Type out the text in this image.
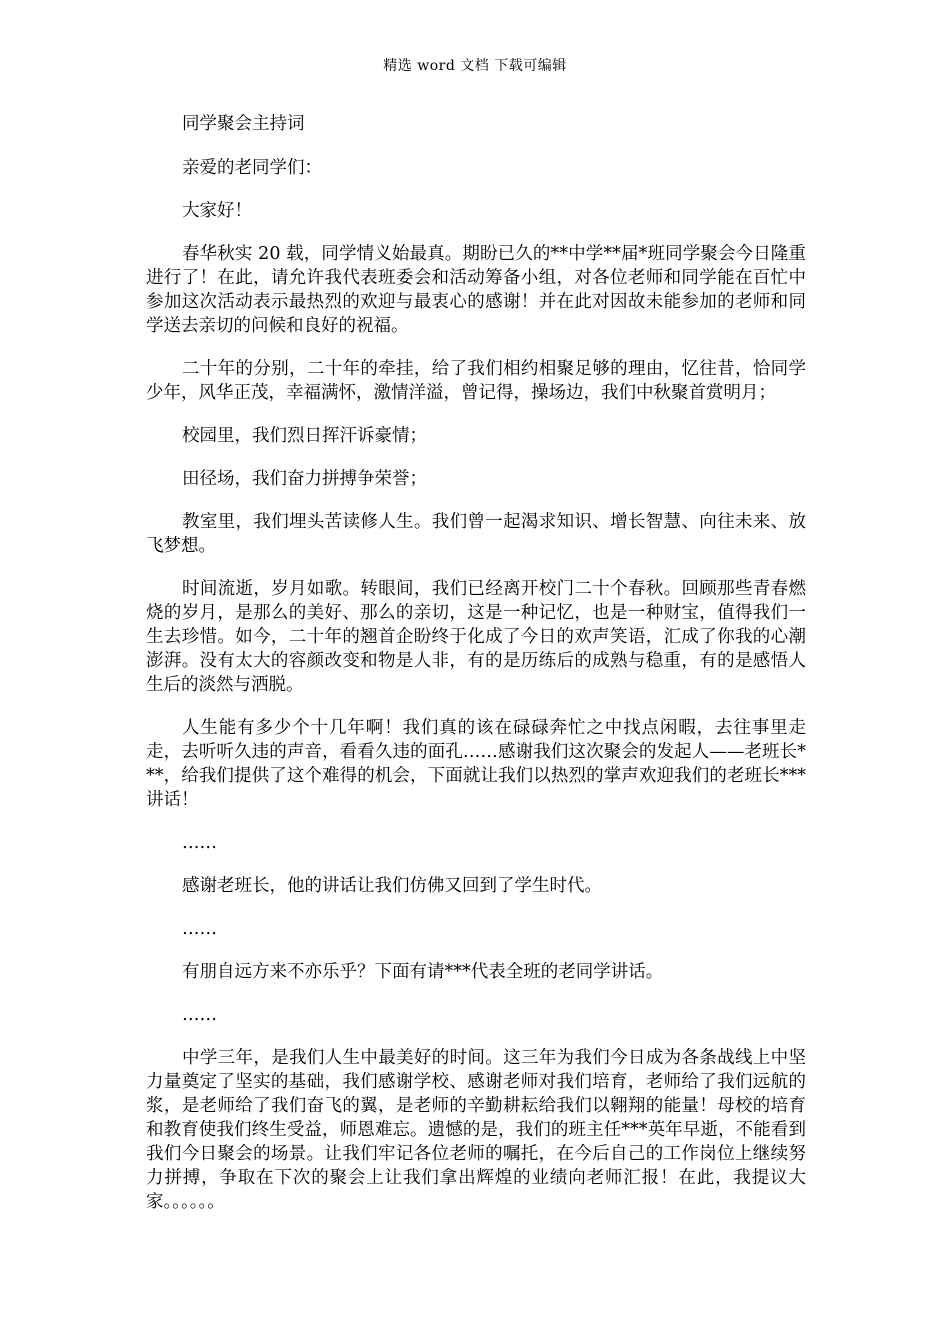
精选 word 文档 下载可编辑

同学聚会主持词

亲爱的老同学们：

大家好！

春华秋实 20 载，同学情义始最真。期盼已久的**中学**届*班同学聚会今日隆重进行了！在此，请允许我代表班委会和活动筹备小组，对各位老师和同学能在百忙中参加这次活动表示最热烈的欢迎与最衷心的感谢！并在此对因故未能参加的老师和同学送去亲切的问候和良好的祝福。

二十年的分别，二十年的牵挂，给了我们相约相聚足够的理由，忆往昔，恰同学少年，风华正茂，幸福满怀，激情洋溢，曾记得，操场边，我们中秋聚首赏明月；

校园里，我们烈日挥汗诉豪情；

田径场，我们奋力拼搏争荣誉；

教室里，我们埋头苦读修人生。我们曾一起渴求知识、增长智慧、向往未来、放飞梦想。

时间流逝，岁月如歌。转眼间，我们已经离开校门二十个春秋。回顾那些青春燃烧的岁月，是那么的美好、那么的亲切，这是一种记忆，也是一种财宝，值得我们一生去珍惜。如今，二十年的翘首企盼终于化成了今日的欢声笑语，汇成了你我的心潮澎湃。没有太大的容颜改变和物是人非，有的是历练后的成熟与稳重，有的是感悟人生后的淡然与洒脱。

人生能有多少个十几年啊！我们真的该在碌碌奔忙之中找点闲暇，去往事里走走，去听听久违的声音，看看久违的面孔……感谢我们这次聚会的发起人——老班长***，给我们提供了这个难得的机会，下面就让我们以热烈的掌声欢迎我们的老班长***讲话！

……

感谢老班长，他的讲话让我们仿佛又回到了学生时代。

……

有朋自远方来不亦乐乎？下面有请***代表全班的老同学讲话。

……

中学三年，是我们人生中最美好的时间。这三年为我们今日成为各条战线上中坚力量奠定了坚实的基础，我们感谢学校、感谢老师对我们培育，老师给了我们远航的浆，是老师给了我们奋飞的翼，是老师的辛勤耕耘给我们以翱翔的能量！母校的培育和教育使我们终生受益，师恩难忘。遗憾的是，我们的班主任***英年早逝，不能看到我们今日聚会的场景。让我们牢记各位老师的嘱托，在今后自己的工作岗位上继续努力拼搏，争取在下次的聚会上让我们拿出辉煌的业绩向老师汇报！在此，我提议大家。。。。。。
